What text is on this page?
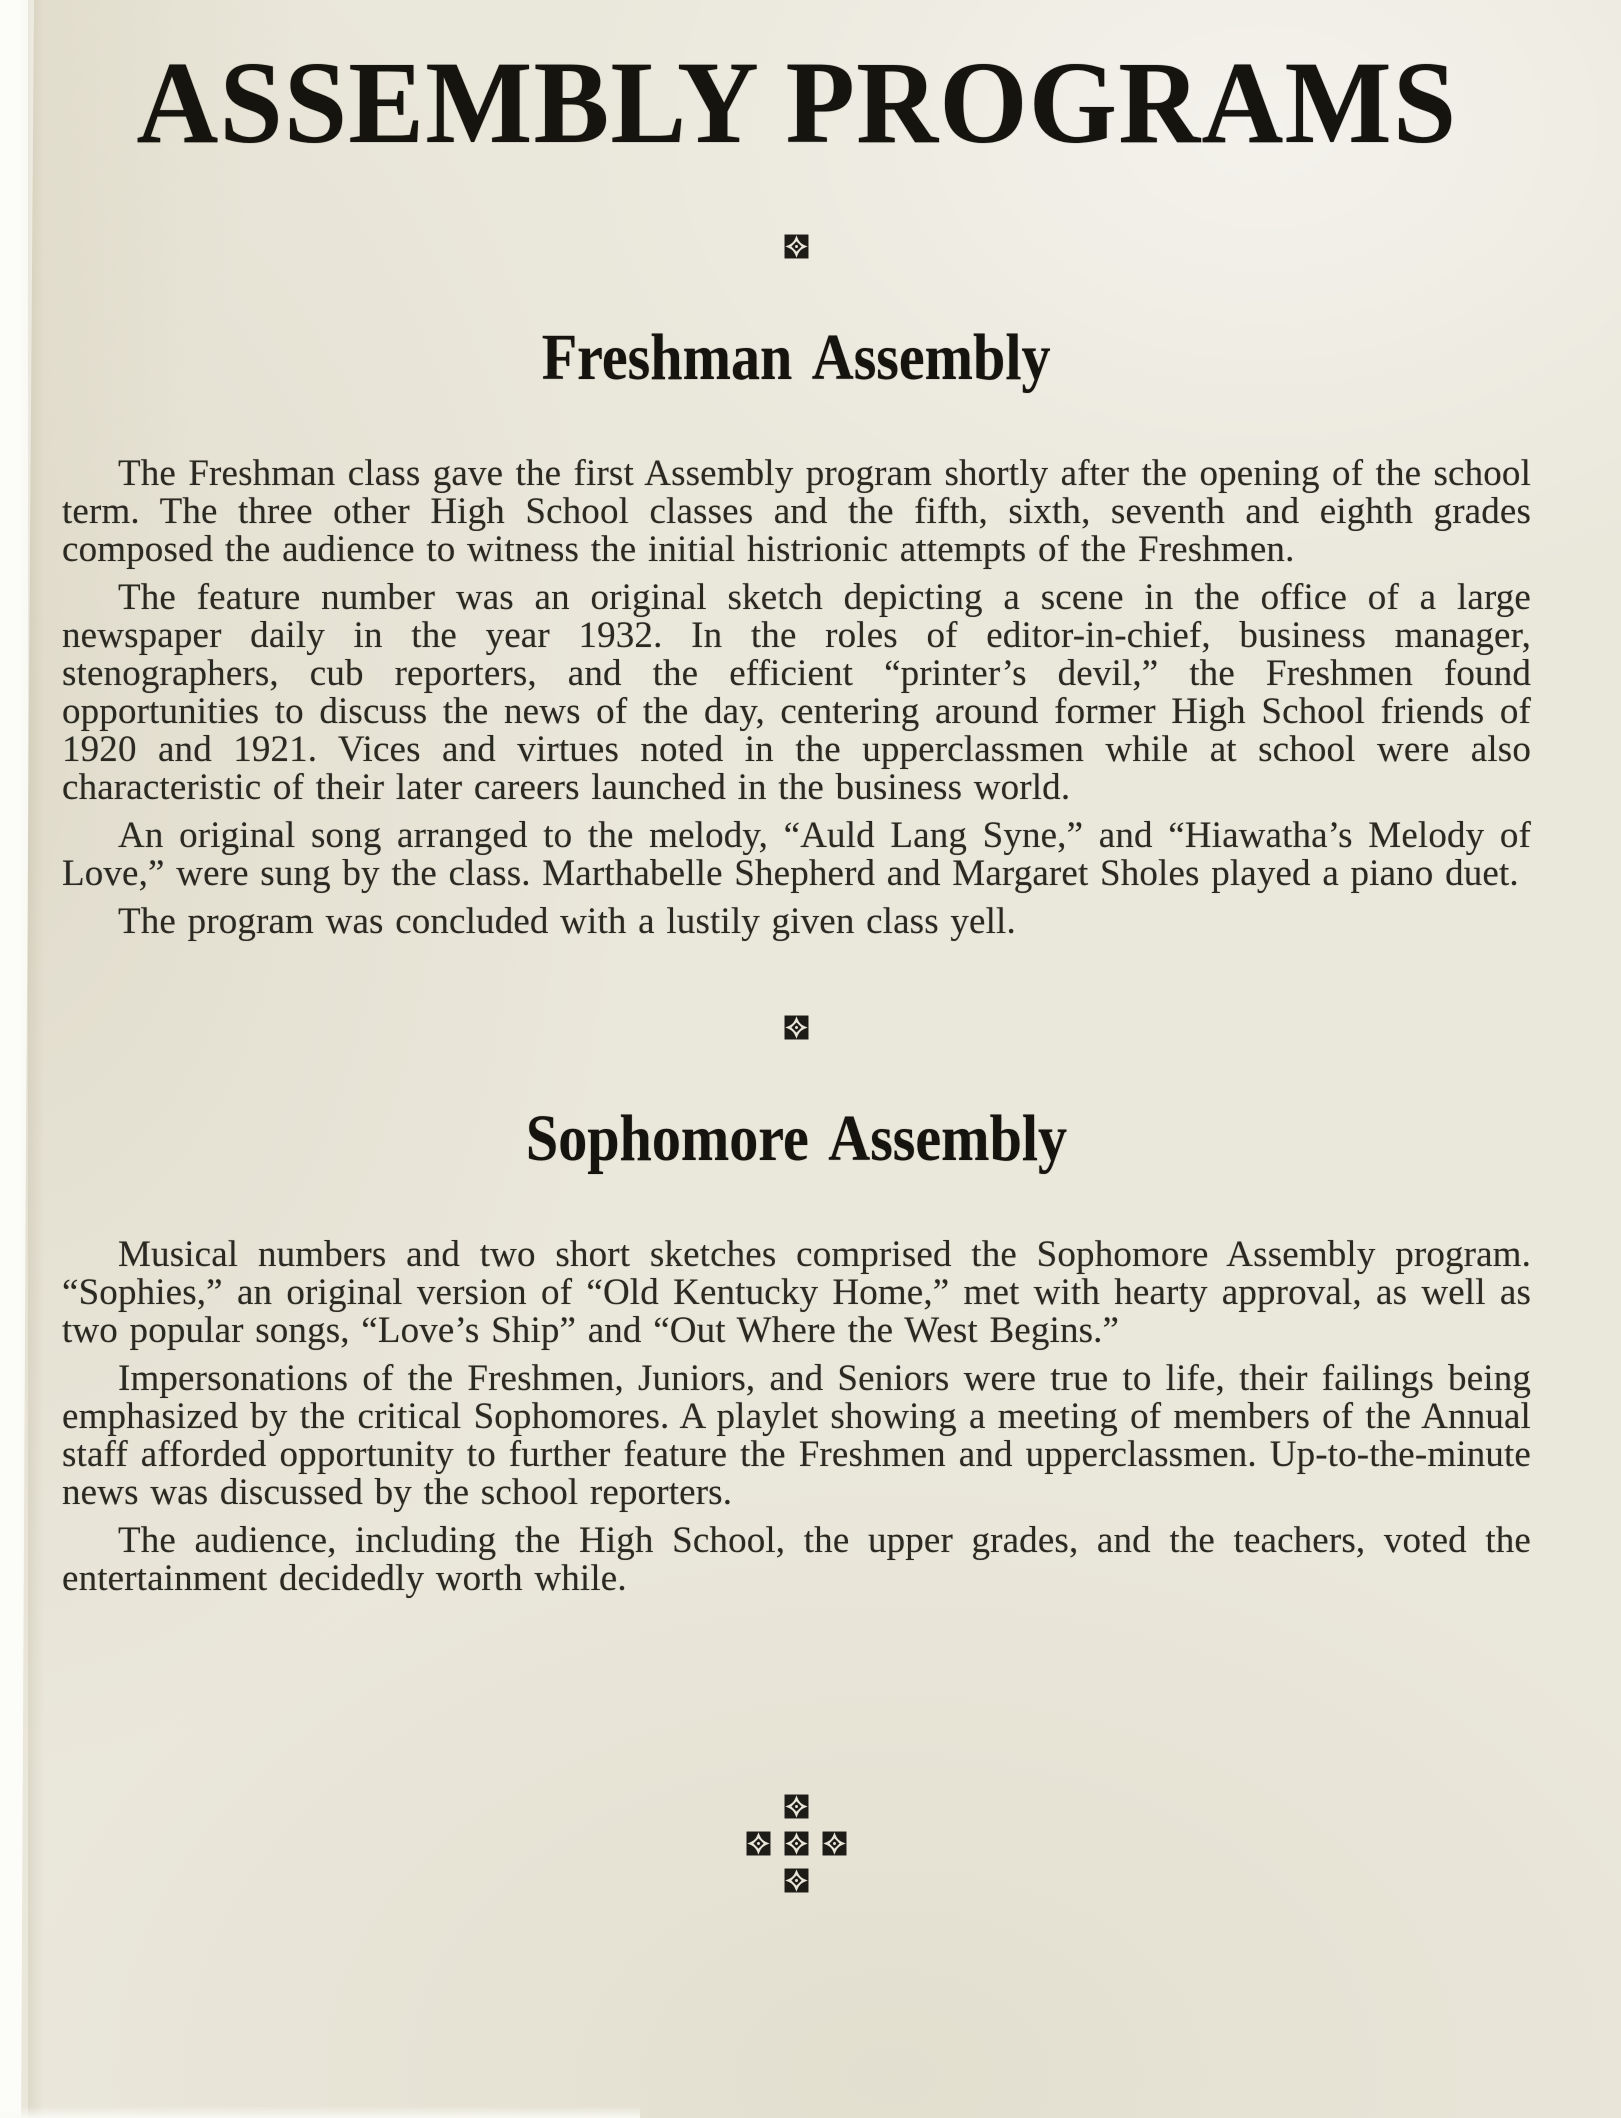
ASSEMBLY PROGRAMS
Freshman Assembly

The Freshman class gave the first Assembly program shortly after the opening of the school term. The three other High School classes and the fifth, sixth, seventh and eighth grades composed the audience to witness the initial histrionic attempts of the Freshmen.

The feature number was an original sketch depicting a scene in the office of a large newspaper daily in the year 1932. In the roles of editor-in-chief, business manager, stenographers, cub reporters, and the efficient “printer’s devil,” the Freshmen found opportunities to discuss the news of the day, centering around former High School friends of 1920 and 1921. Vices and virtues noted in the upperclassmen while at school were also characteristic of their later careers launched in the business world.

An original song arranged to the melody, “Auld Lang Syne,” and “Hiawatha’s Melody of Love,” were sung by the class. Marthabelle Shepherd and Margaret Sholes played a piano duet.

The program was concluded with a lustily given class yell.

Sophomore Assembly

Musical numbers and two short sketches comprised the Sophomore Assembly program. “Sophies,” an original version of “Old Kentucky Home,” met with hearty approval, as well as two popular songs, “Love’s Ship” and “Out Where the West Begins.”

Impersonations of the Freshmen, Juniors, and Seniors were true to life, their failings being emphasized by the critical Sophomores. A playlet showing a meeting of members of the Annual staff afforded opportunity to further feature the Freshmen and upperclassmen. Up-to-the-minute news was discussed by the school reporters.

The audience, including the High School, the upper grades, and the teachers, voted the entertainment decidedly worth while.
